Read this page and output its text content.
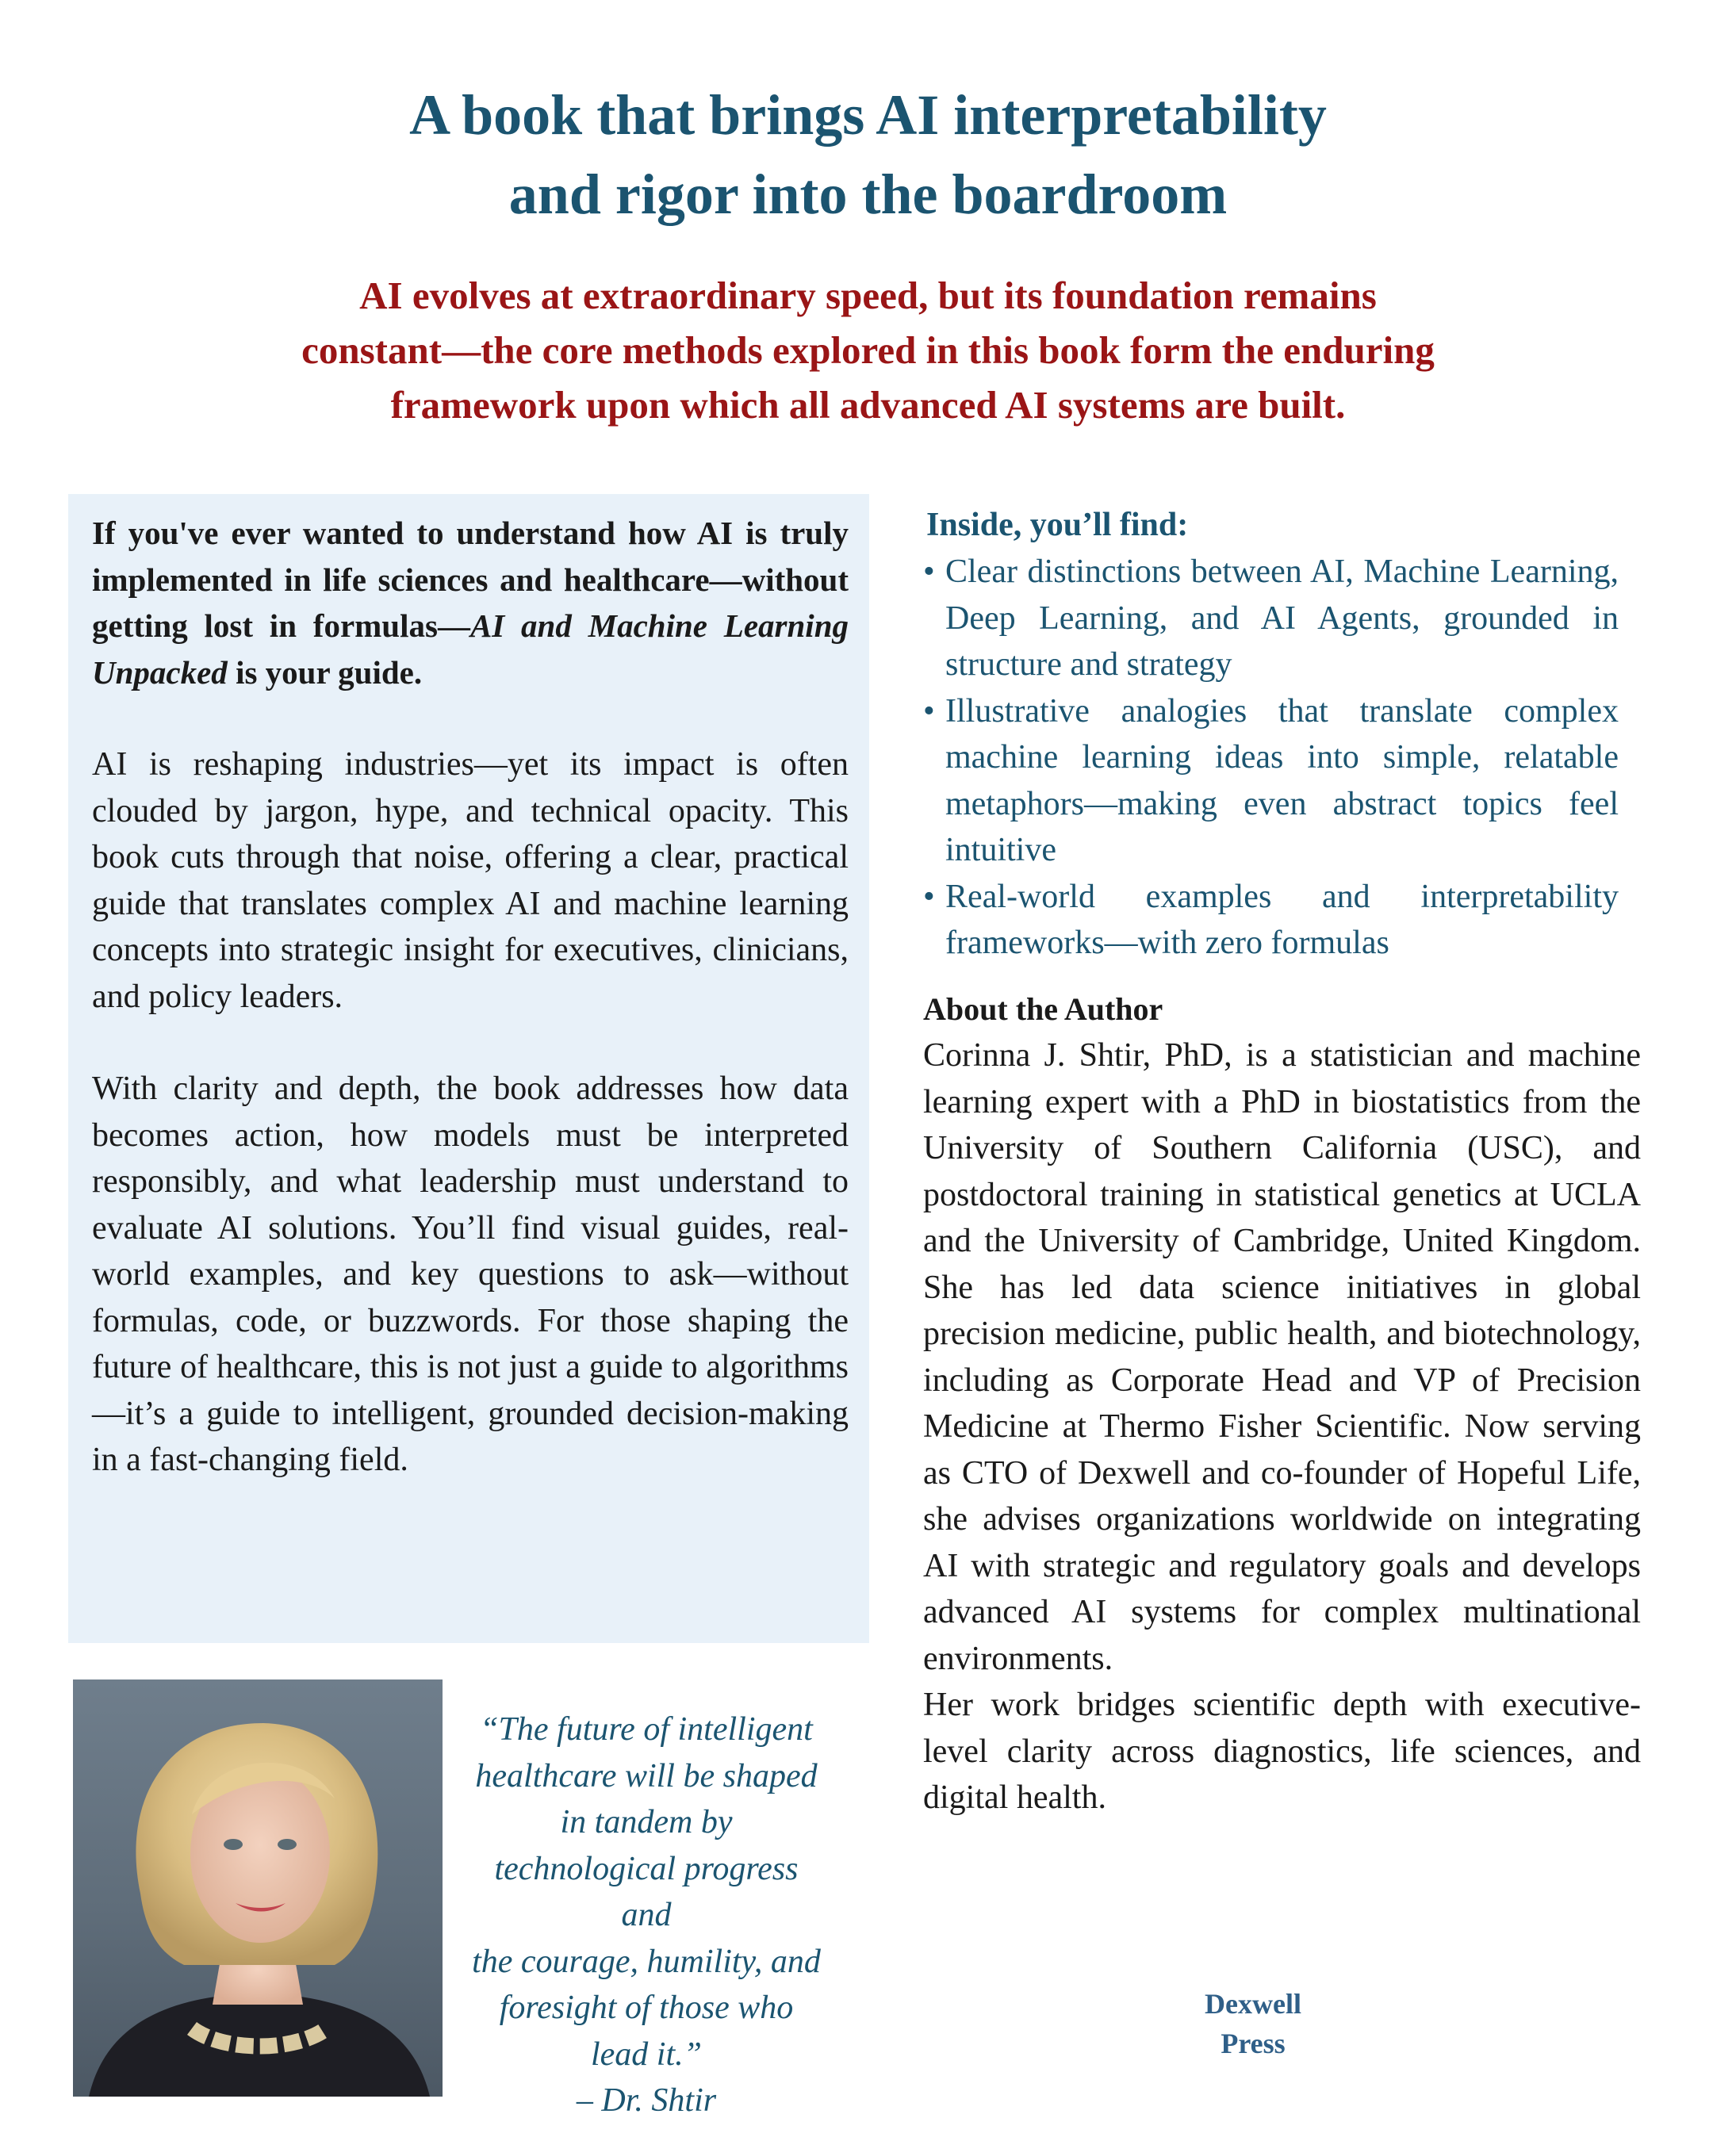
A book that brings AI interpretability
and rigor into the boardroom
AI evolves at extraordinary speed, but its foundation remains
constant—the core methods explored in this book form the enduring
framework upon which all advanced AI systems are built.

If you've ever wanted to understand how AI is truly implemented in life sciences and healthcare—without getting lost in formulas—AI and Machine Learning Unpacked is your guide.

AI is reshaping industries—yet its impact is often clouded by jargon, hype, and technical opacity. This book cuts through that noise, offering a clear, practical guide that translates complex AI and machine learning concepts into strategic insight for executives, clinicians, and policy leaders.

With clarity and depth, the book addresses how data becomes action, how models must be interpreted responsibly, and what leadership must understand to evaluate AI solutions. You’ll find visual guides, real-world examples, and key questions to ask—without formulas, code, or buzzwords. For those shaping the future of healthcare, this is not just a guide to algorithms—it’s a guide to intelligent, grounded decision-making in a fast-changing field.

Inside, you’ll find:
• Clear distinctions between AI, Machine Learning, Deep Learning, and AI Agents, grounded in structure and strategy
• Illustrative analogies that translate complex machine learning ideas into simple, relatable metaphors—making even abstract topics feel intuitive
• Real-world examples and interpretability frameworks—with zero formulas
About the Author

Corinna J. Shtir, PhD, is a statistician and machine learning expert with a PhD in biostatistics from the University of Southern California (USC), and postdoctoral training in statistical genetics at UCLA and the University of Cambridge, United Kingdom. She has led data science initiatives in global precision medicine, public health, and biotechnology, including as Corporate Head and VP of Precision Medicine at Thermo Fisher Scientific. Now serving as CTO of Dexwell and co-founder of Hopeful Life, she advises organizations worldwide on integrating AI with strategic and regulatory goals and develops advanced AI systems for complex multinational environments.

Her work bridges scientific depth with executive-level clarity across diagnostics, life sciences, and digital health.

“The future of intelligent
healthcare will be shaped
in tandem by
technological progress and
the courage, humility, and
foresight of those who
lead it.”
– Dr. Shtir
Dexwell
Press
